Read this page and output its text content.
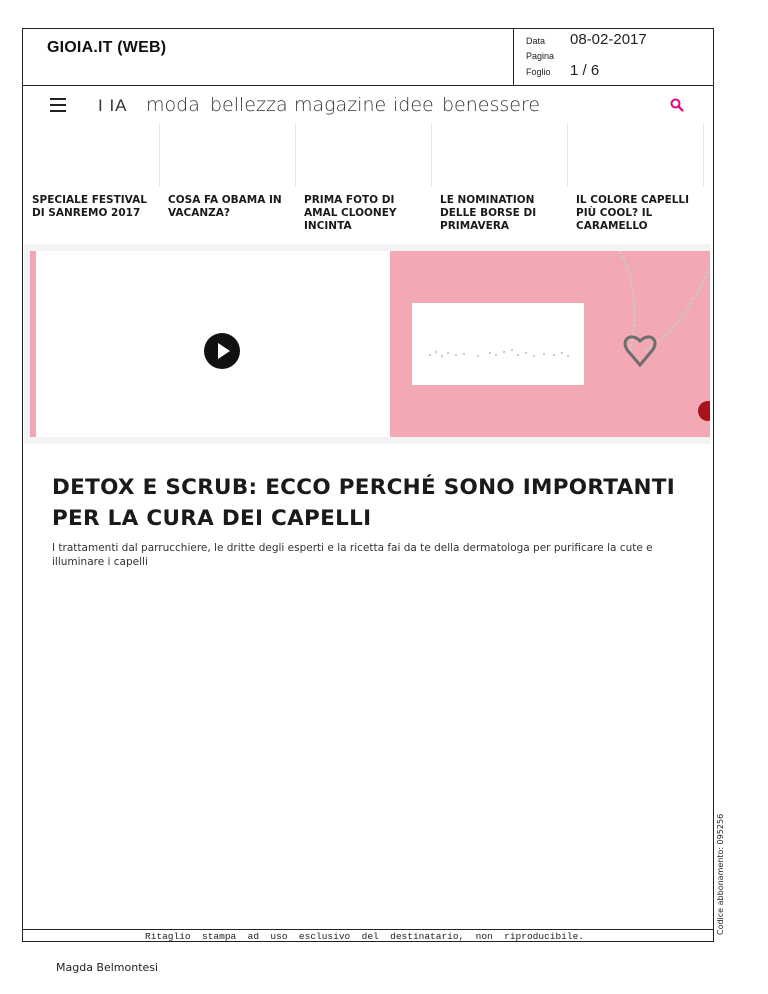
GIOIA.IT (WEB)	Data 08-02-2017
Pagina
Foglio 1 / 6
I IA moda bellezza magazine idee benessere
SPECIALE FESTIVAL DI SANREMO 2017
COSA FA OBAMA IN VACANZA?
PRIMA FOTO DI AMAL CLOONEY INCINTA
LE NOMINATION DELLE BORSE DI PRIMAVERA
IL COLORE CAPELLI PIÙ COOL? IL CARAMELLO
DETOX E SCRUB: ECCO PERCHÉ SONO IMPORTANTI PER LA CURA DEI CAPELLI
I trattamenti dal parrucchiere, le dritte degli esperti e la ricetta fai da te della dermatologa per purificare la cute e illuminare i capelli
Codice abbonamento: 095256
Ritaglio  stampa  ad  uso  esclusivo  del  destinatario,  non  riproducibile.
Magda Belmontesi
